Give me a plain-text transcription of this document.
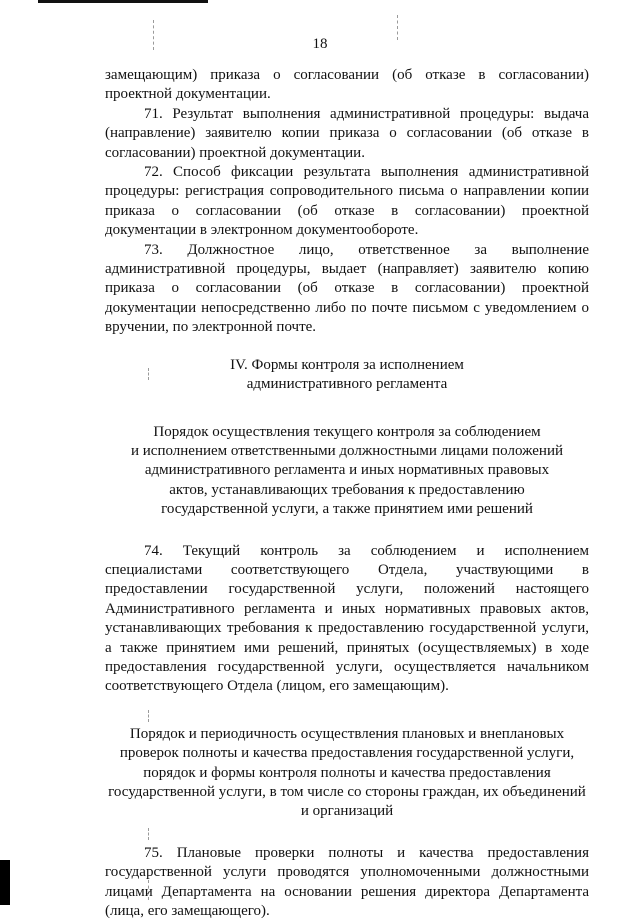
18

замещающим) приказа о согласовании (об отказе в согласовании) проектной документации.

71. Результат выполнения административной процедуры: выдача (направление) заявителю копии приказа о согласовании (об отказе в согласовании) проектной документации.

72. Способ фиксации результата выполнения административной процедуры: регистрация сопроводительного письма о направлении копии приказа о согласовании (об отказе в согласовании) проектной документации в электронном документообороте.

73. Должностное лицо, ответственное за выполнение административной процедуры, выдает (направляет) заявителю копию приказа о согласовании (об отказе в согласовании) проектной документации непосредственно либо по почте письмом с уведомлением о вручении, по электронной почте.

IV. Формы контроля за исполнением
административного регламента
Порядок осуществления текущего контроля за соблюдением
и исполнением ответственными должностными лицами положений
административного регламента и иных нормативных правовых
актов, устанавливающих требования к предоставлению
государственной услуги, а также принятием ими решений

74. Текущий контроль за соблюдением и исполнением специалистами соответствующего Отдела, участвующими в предоставлении государственной услуги, положений настоящего Административного регламента и иных нормативных правовых актов, устанавливающих требования к предоставлению государственной услуги, а также принятием ими решений, принятых (осуществляемых) в ходе предоставления государственной услуги, осуществляется начальником соответствующего Отдела (лицом, его замещающим).

Порядок и периодичность осуществления плановых и внеплановых
проверок полноты и качества предоставления государственной услуги,
порядок и формы контроля полноты и качества предоставления
государственной услуги, в том числе со стороны граждан, их объединений
и организаций

75. Плановые проверки полноты и качества предоставления государственной услуги проводятся уполномоченными должностными лицами Департамента на основании решения директора Департамента (лица, его замещающего).
